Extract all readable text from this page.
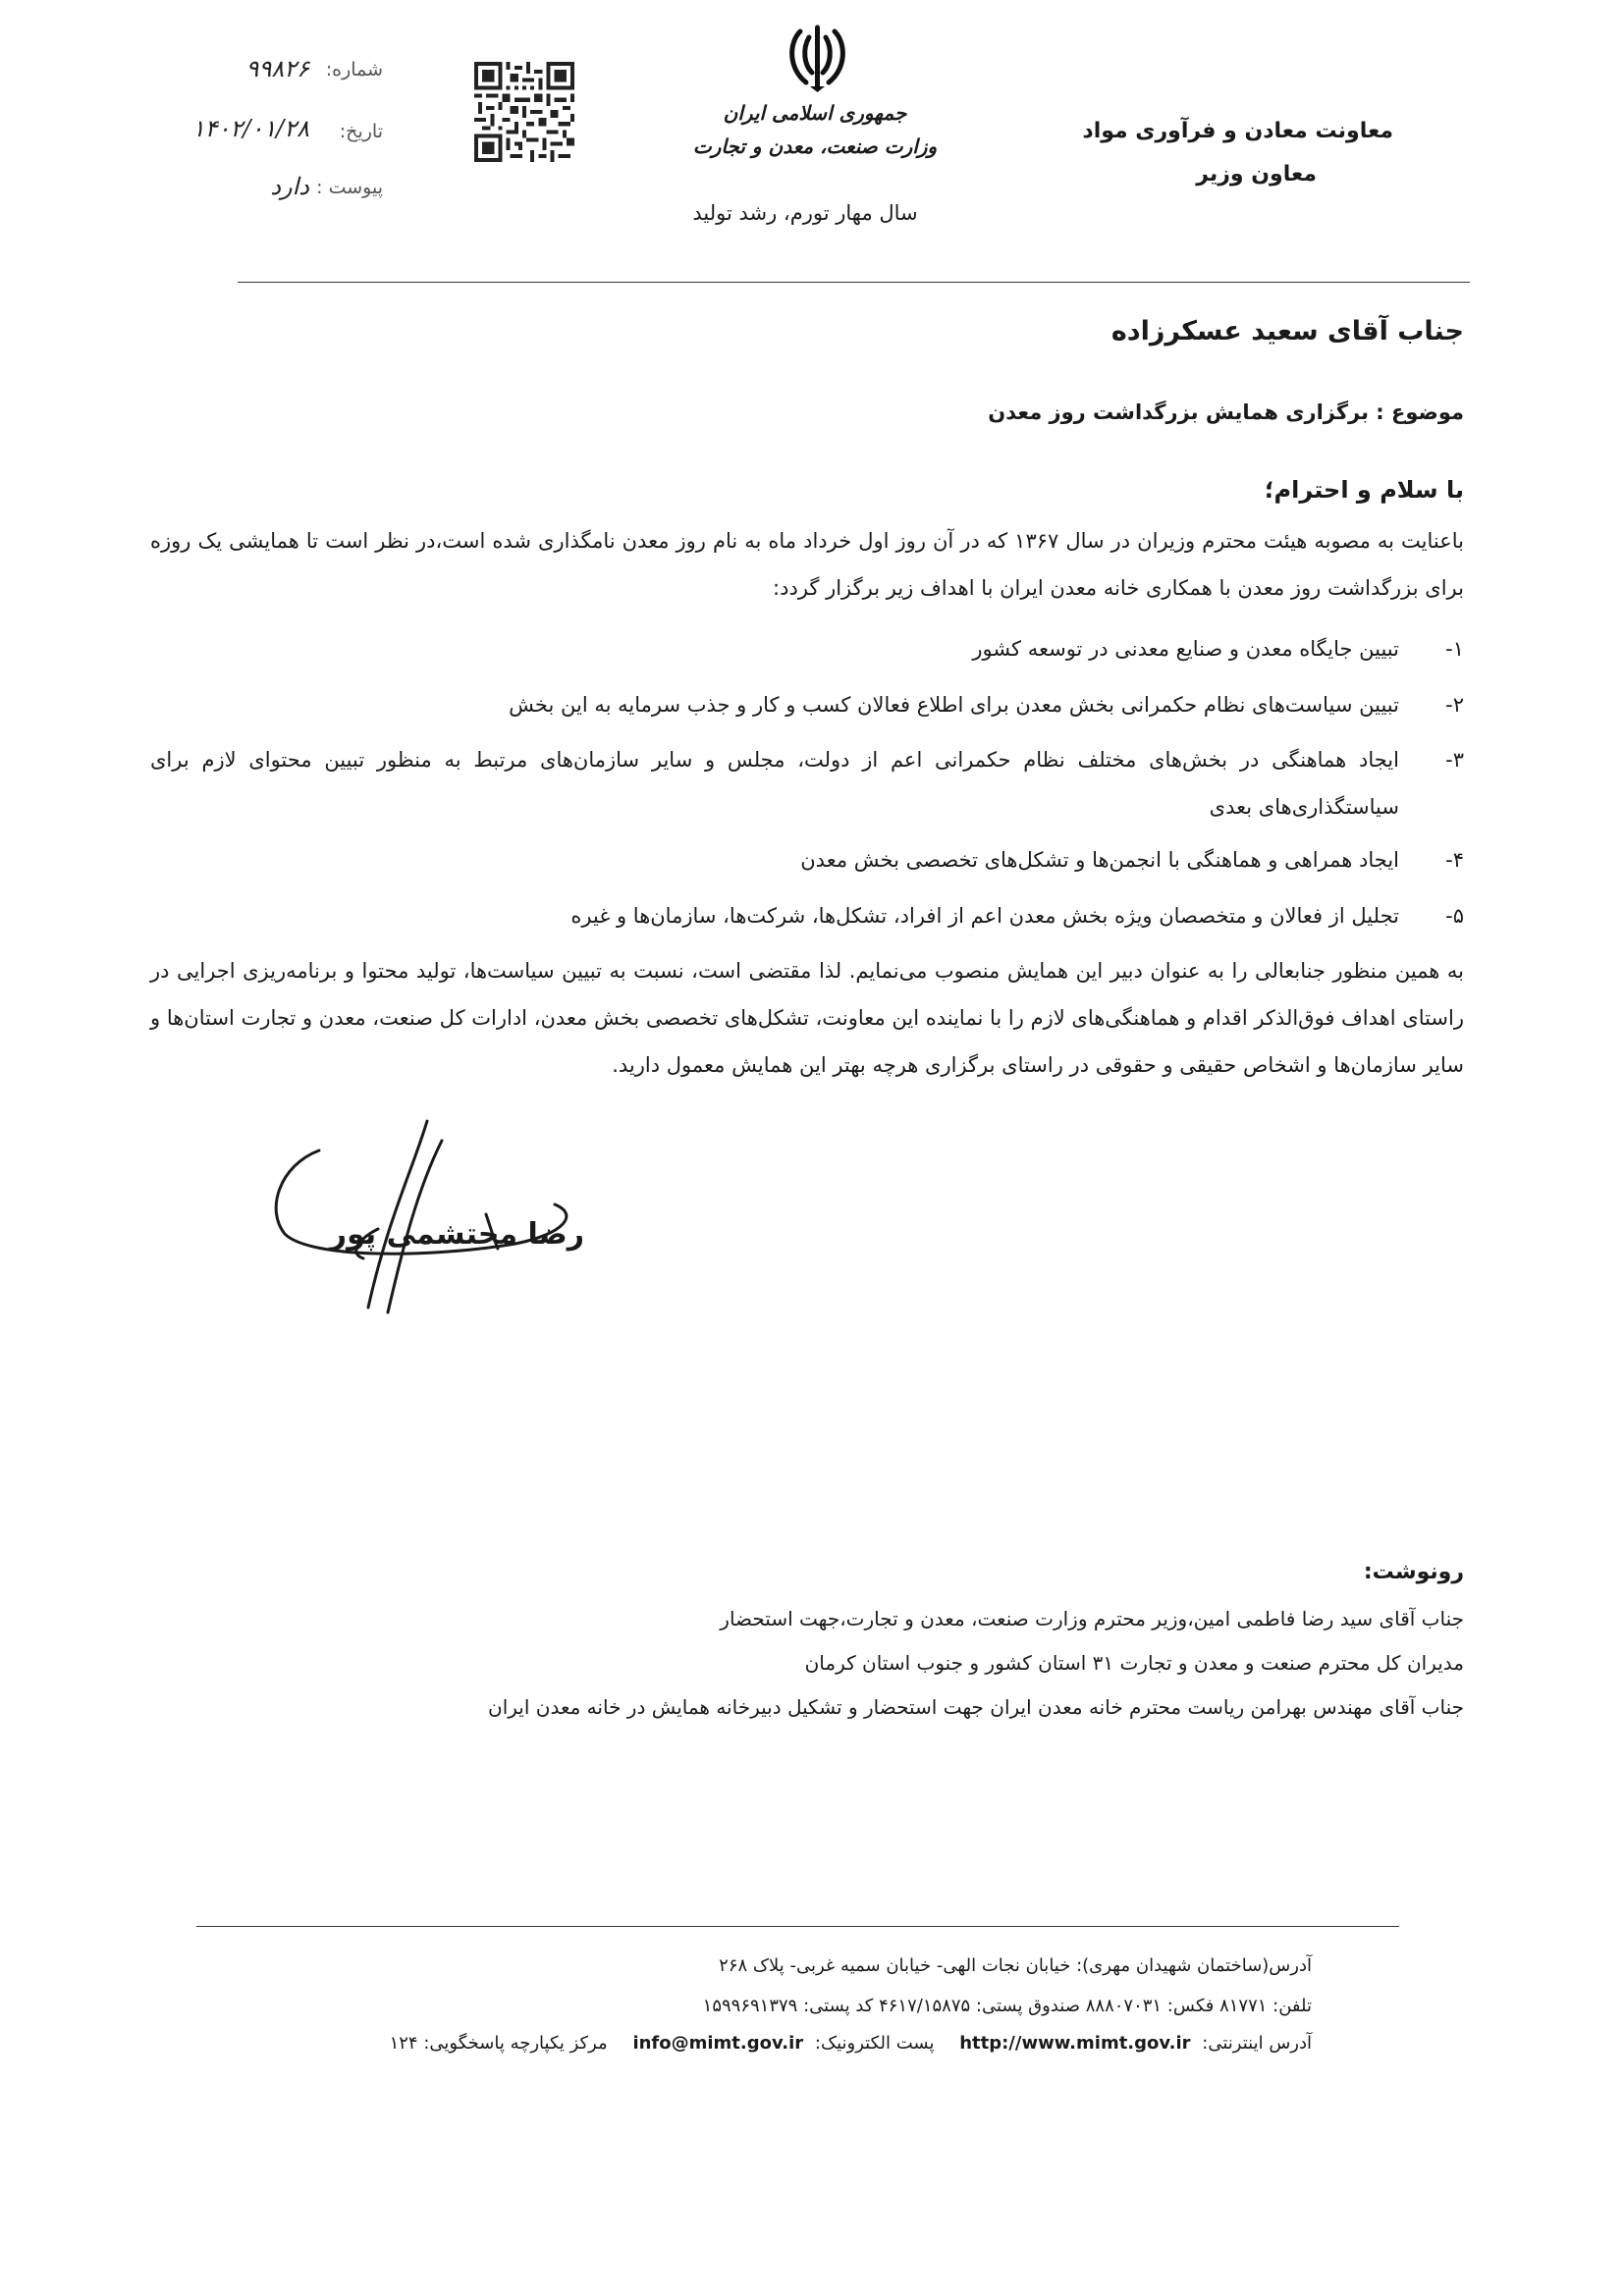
معاونت معادن و فرآوری مواد
معاون وزیر
جمهوری اسلامی ایران
وزارت صنعت، معدن و تجارت
سال مهار تورم، رشد تولید
شماره:
۹۹۸۲۶
تاریخ:
۱۴۰۲/۰۱/۲۸
پیوست :
دارد
جناب آقای سعید عسکرزاده
موضوع : برگزاری همایش بزرگداشت روز معدن
با سلام و احترام؛
باعنایت به مصوبه هیئت محترم وزیران در سال ۱۳۶۷ که در آن روز اول خرداد ماه به نام روز معدن نامگذاری شده است،در نظر است تا همایشی یک روزه برای بزرگداشت روز معدن با همکاری خانه معدن ایران با اهداف زیر برگزار گردد:
۱-
تبیین جایگاه معدن و صنایع معدنی در توسعه کشور
۲-
تبیین سیاست‌های نظام حکمرانی بخش معدن برای اطلاع فعالان کسب و کار و جذب سرمایه به این بخش
۳-
ایجاد هماهنگی در بخش‌های مختلف نظام حکمرانی اعم از دولت، مجلس و سایر سازمان‌های مرتبط به منظور تبیین محتوای لازم برای سیاستگذاری‌های بعدی
۴-
ایجاد همراهی و هماهنگی با انجمن‌ها و تشکل‌های تخصصی بخش معدن
۵-
تجلیل از فعالان و متخصصان ویژه بخش معدن اعم از افراد، تشکل‌ها، شرکت‌ها، سازمان‌ها و غیره
به همین منظور جنابعالی را به عنوان دبیر این همایش منصوب می‌نمایم. لذا مقتضی است، نسبت به تبیین سیاست‌ها، تولید محتوا و برنامه‌ریزی اجرایی در راستای اهداف فوق‌الذکر اقدام و هماهنگی‌های لازم را با نماینده این معاونت، تشکل‌های تخصصی بخش معدن، ادارات کل صنعت، معدن و تجارت استان‌ها و سایر سازمان‌ها و اشخاص حقیقی و حقوقی در راستای برگزاری هرچه بهتر این همایش معمول دارید.
رضا محتشمی پور
رونوشت:
جناب آقای سید رضا فاطمی امین،وزیر محترم وزارت صنعت، معدن و تجارت،جهت استحضار
مدیران کل محترم صنعت و معدن و تجارت ۳۱ استان کشور و جنوب استان کرمان
جناب آقای مهندس بهرامن ریاست محترم خانه معدن ایران جهت استحضار و تشکیل دبیرخانه همایش در خانه معدن ایران
آدرس(ساختمان شهیدان مهری): خیابان نجات الهی- خیابان سمیه غربی- پلاک ۲۶۸
تلفن: ۸۱۷۷۱ فکس: ۸۸۸۰۷۰۳۱ صندوق پستی: ۴۶۱۷/۱۵۸۷۵ کد پستی: ۱۵۹۹۶۹۱۳۷۹
آدرس اینترنتی: http://www.mimt.gov.ir پست الکترونیک: info@mimt.gov.ir مرکز یکپارچه پاسخگویی: ۱۲۴
